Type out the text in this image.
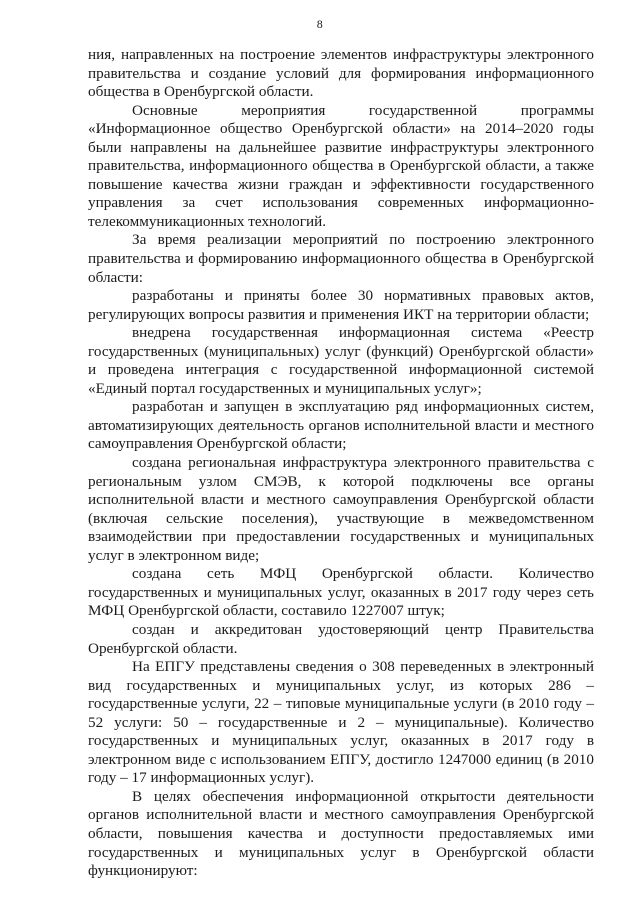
8

ния, направленных на построение элементов инфраструктуры электронного правительства и создание условий для формирования информационного общества в Оренбургской области.

Основные мероприятия государственной программы «Информационное общество Оренбургской области» на 2014–2020 годы были направлены на дальнейшее развитие инфраструктуры электронного правительства, информационного общества в Оренбургской области, а также повышение качества жизни граждан и эффективности государственного управления за счет использования современных информационно-телекоммуникационных технологий.

За время реализации мероприятий по построению электронного правительства и формированию информационного общества в Оренбургской области:

разработаны и приняты более 30 нормативных правовых актов, регулирующих вопросы развития и применения ИКТ на территории области;

внедрена государственная информационная система «Реестр государственных (муниципальных) услуг (функций) Оренбургской области» и проведена интеграция с государственной информационной системой «Единый портал государственных и муниципальных услуг»;

разработан и запущен в эксплуатацию ряд информационных систем, автоматизирующих деятельность органов исполнительной власти и местного самоуправления Оренбургской области;

создана региональная инфраструктура электронного правительства с региональным узлом СМЭВ, к которой подключены все органы исполнительной власти и местного самоуправления Оренбургской области (включая сельские поселения), участвующие в межведомственном взаимодействии при предоставлении государственных и муниципальных услуг в электронном виде;

создана сеть МФЦ Оренбургской области. Количество государственных и муниципальных услуг, оказанных в 2017 году через сеть МФЦ Оренбургской области, составило 1227007 штук;

создан и аккредитован удостоверяющий центр Правительства Оренбургской области.

На ЕПГУ представлены сведения о 308 переведенных в электронный вид государственных и муниципальных услуг, из которых 286 – государственные услуги, 22 – типовые муниципальные услуги (в 2010 году – 52 услуги: 50 – государственные и 2 – муниципальные). Количество государственных и муниципальных услуг, оказанных в 2017 году в электронном виде с использованием ЕПГУ, достигло 1247000 единиц (в 2010 году – 17 информационных услуг).

В целях обеспечения информационной открытости деятельности органов исполнительной власти и местного самоуправления Оренбургской области, повышения качества и доступности предоставляемых ими государственных и муниципальных услуг в Оренбургской области функционируют:
